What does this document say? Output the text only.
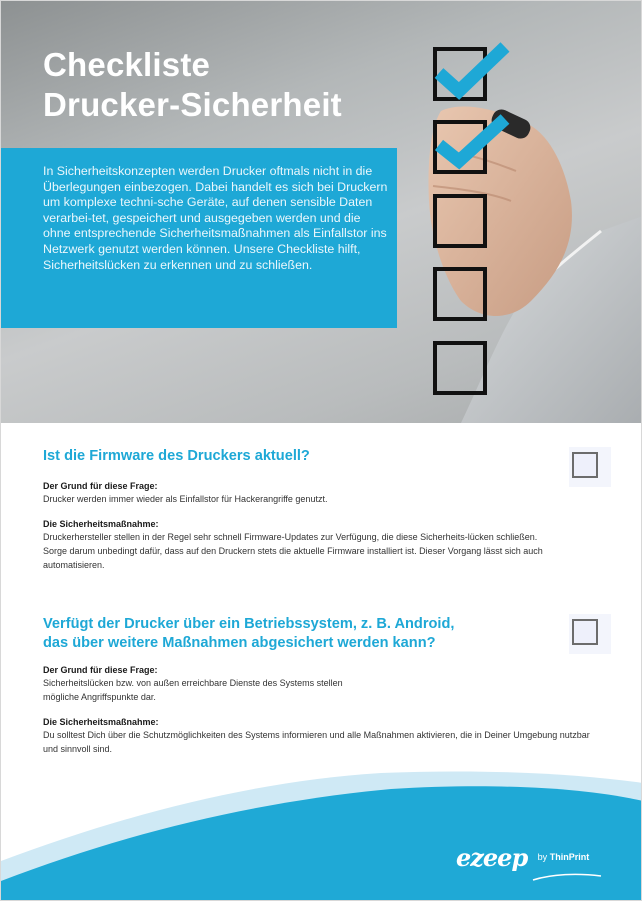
Checkliste
Drucker-Sicherheit

In Sicherheitskonzepten werden Drucker oftmals nicht in die Überlegungen einbezogen. Dabei handelt es sich bei Druckern um komplexe techni-sche Geräte, auf denen sensible Daten verarbei-tet, gespeichert und ausgegeben werden und die ohne entsprechende Sicherheitsmaßnahmen als Einfallstor ins Netzwerk genutzt werden können. Unsere Checkliste hilft, Sicherheitslücken zu erkennen und zu schließen.

Ist die Firmware des Druckers aktuell?

Der Grund für diese Frage:

Drucker werden immer wieder als Einfallstor für Hackerangriffe genutzt.

Die Sicherheitsmaßnahme:

Druckerhersteller stellen in der Regel sehr schnell Firmware-Updates zur Verfügung, die diese Sicherheits-lücken schließen. Sorge darum unbedingt dafür, dass auf den Druckern stets die aktuelle Firmware installiert ist. Dieser Vorgang lässt sich auch automatisieren.

Verfügt der Drucker über ein Betriebssystem, z. B. Android,
das über weitere Maßnahmen abgesichert werden kann?

Der Grund für diese Frage:

Sicherheitslücken bzw. von außen erreichbare Dienste des Systems stellen
mögliche Angriffspunkte dar.

Die Sicherheitsmaßnahme:

Du solltest Dich über die Schutzmöglichkeiten des Systems informieren und alle Maßnahmen aktivieren, die in Deiner Umgebung nutzbar und sinnvoll sind.

ezeep by ThinPrint
